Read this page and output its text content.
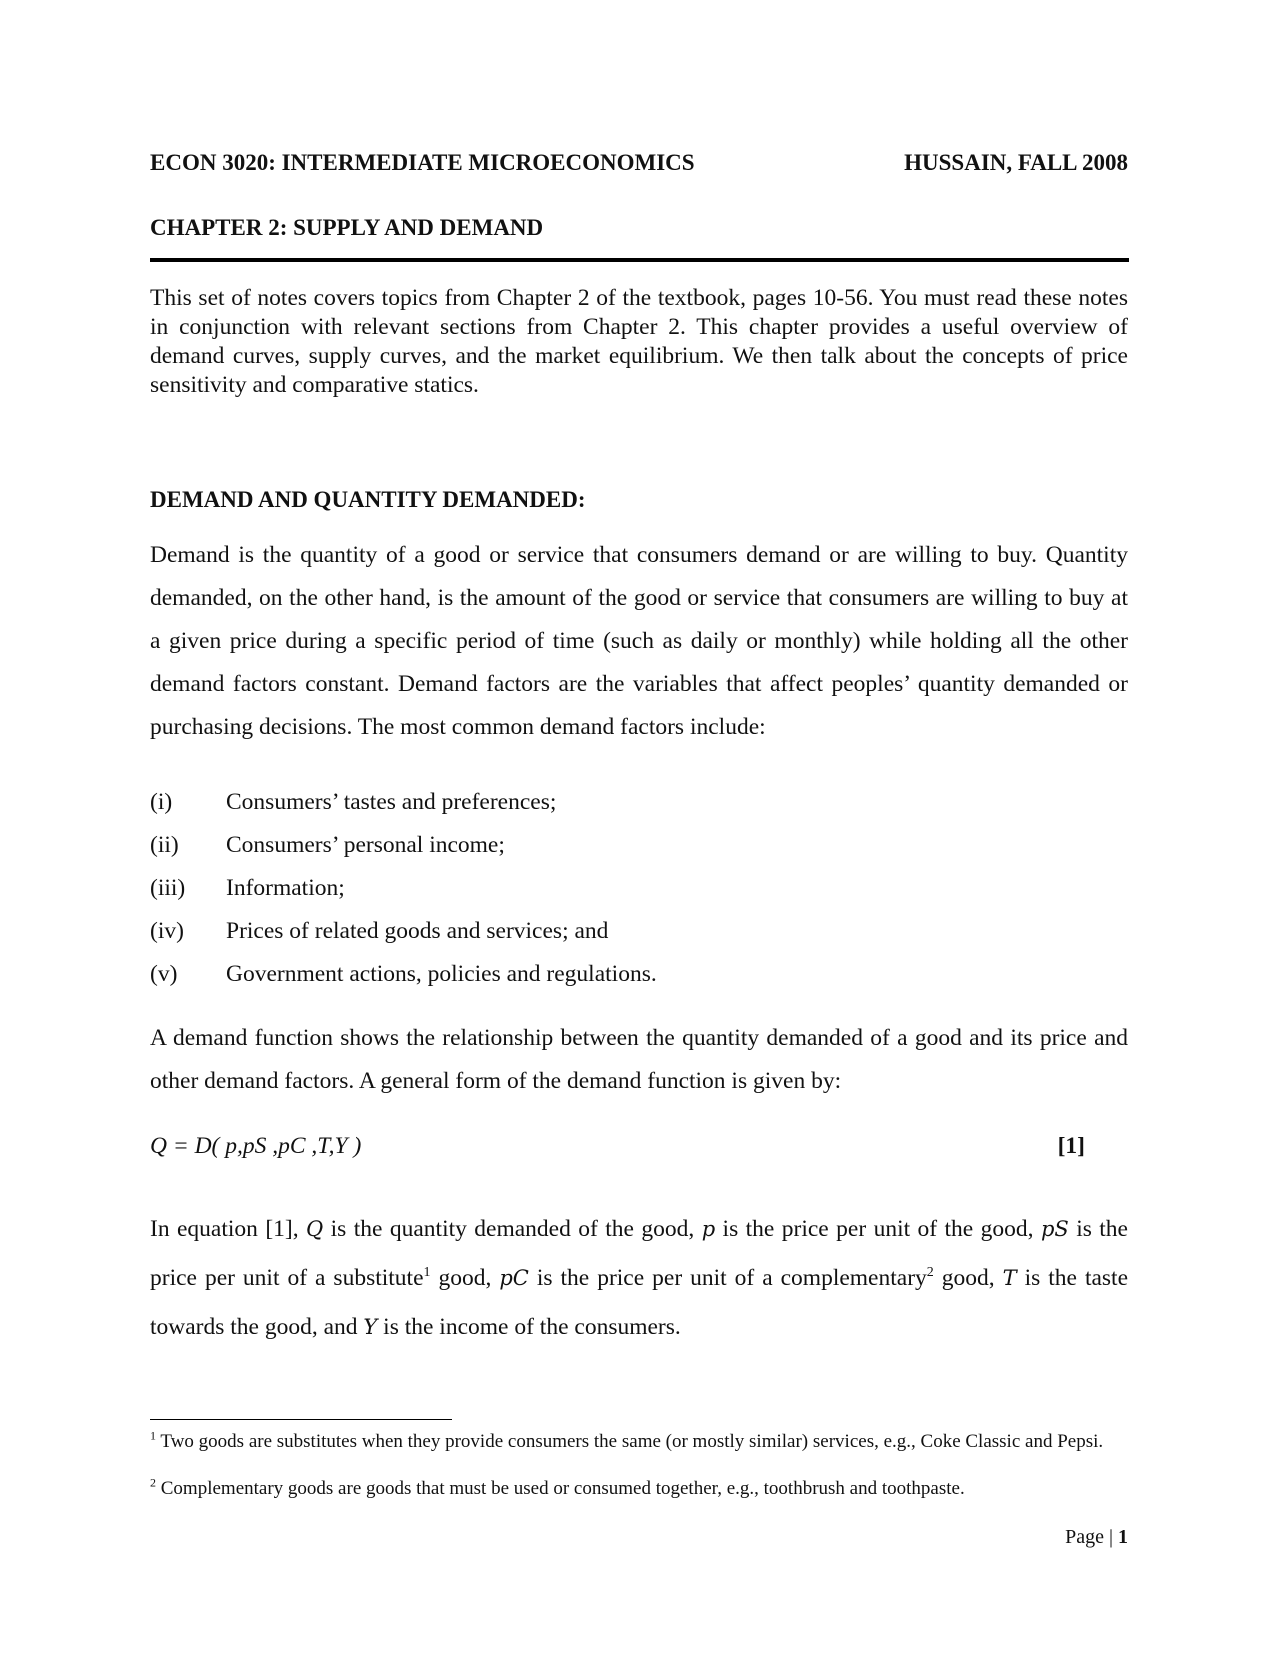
ECON 3020: INTERMEDIATE MICROECONOMICS	HUSSAIN, FALL 2008
CHAPTER 2: SUPPLY AND DEMAND
This set of notes covers topics from Chapter 2 of the textbook, pages 10-56. You must read these notes in conjunction with relevant sections from Chapter 2. This chapter provides a useful overview of demand curves, supply curves, and the market equilibrium. We then talk about the concepts of price sensitivity and comparative statics.
DEMAND AND QUANTITY DEMANDED:
Demand is the quantity of a good or service that consumers demand or are willing to buy. Quantity demanded, on the other hand, is the amount of the good or service that consumers are willing to buy at a given price during a specific period of time (such as daily or monthly) while holding all the other demand factors constant. Demand factors are the variables that affect peoples’ quantity demanded or purchasing decisions. The most common demand factors include:
(i)	Consumers’ tastes and preferences;
(ii)	Consumers’ personal income;
(iii)	Information;
(iv)	Prices of related goods and services; and
(v)	Government actions, policies and regulations.
A demand function shows the relationship between the quantity demanded of a good and its price and other demand factors. A general form of the demand function is given by:
Q = D( p,pS ,pC ,T,Y )	[1]
In equation [1], Q is the quantity demanded of the good, p is the price per unit of the good, pS is the price per unit of a substitute$^1$ good, pC is the price per unit of a complementary$^2$ good, T is the taste towards the good, and Y is the income of the consumers.
$^1$ Two goods are substitutes when they provide consumers the same (or mostly similar) services, e.g., Coke Classic and Pepsi.
$^2$ Complementary goods are goods that must be used or consumed together, e.g., toothbrush and toothpaste.
Page | 1
